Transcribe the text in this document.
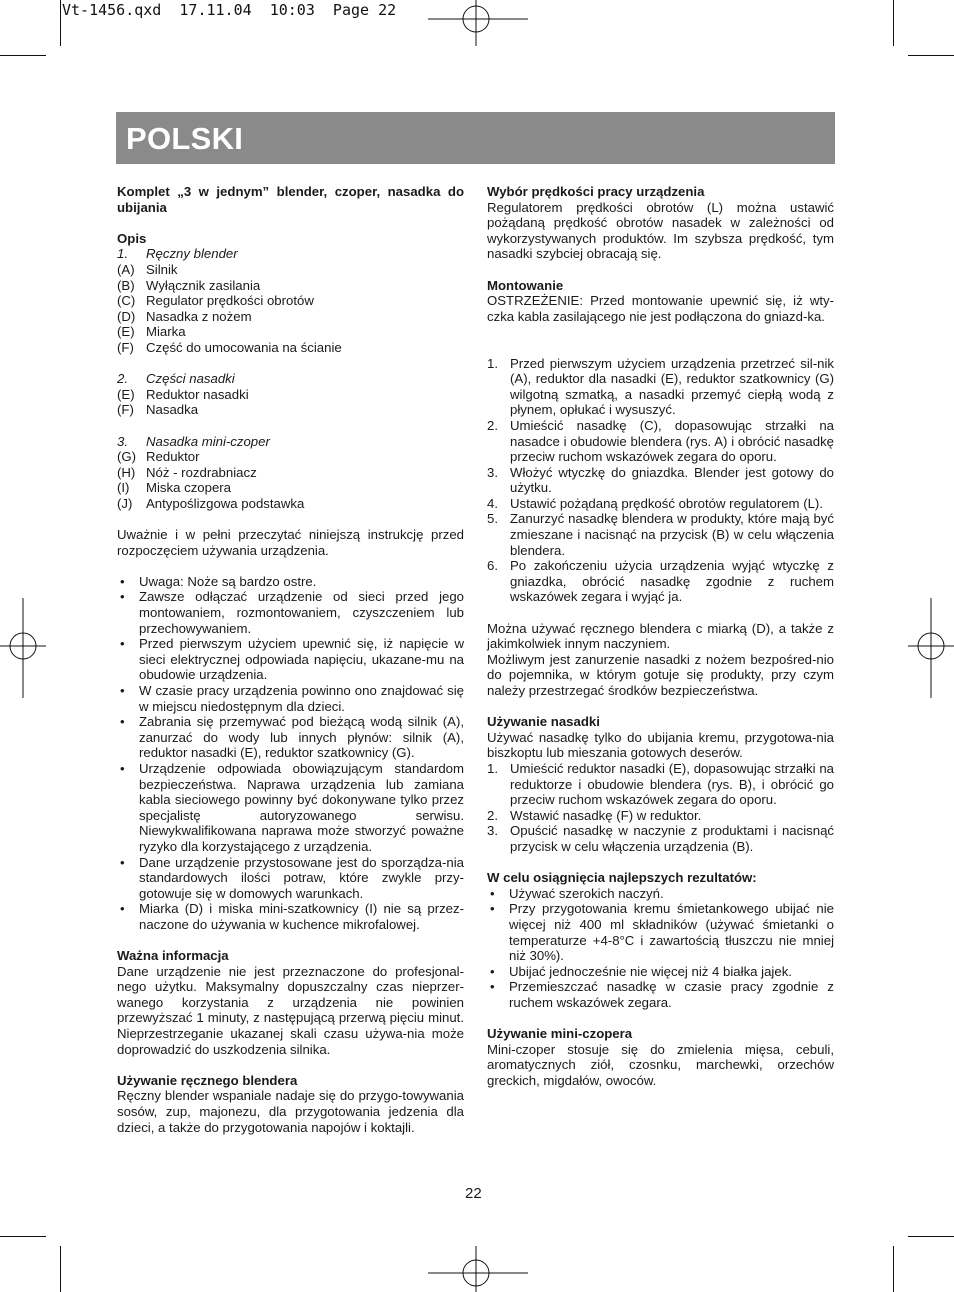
Vt-1456.qxd  17.11.04  10:03  Page 22
POLSKI

Komplet „3 w jednym” blender, czoper, nasadka do ubijania

Opis

1.	Ręczny blender
(A) Silnik
(B) Wyłącznik zasilania
(C) Regulator prędkości obrotów
(D) Nasadka z nożem
(E) Miarka
(F) Część do umocowania na ścianie
2.	Części nasadki
(E) Reduktor nasadki
(F) Nasadka
3.	Nasadka mini-czoper
(G) Reduktor
(H) Nóż - rozdrabniacz
(I)	Miska czopera
(J)	Antypoślizgowa podstawka

Uważnie i w pełni przeczytać niniejszą instrukcję przed rozpoczęciem używania urządzenia.

•	Uwaga: Noże są bardzo ostre.
•	Zawsze odłączać urządzenie od sieci przed jego montowaniem, rozmontowaniem, czyszczeniem lub przechowywaniem.
•	Przed pierwszym użyciem upewnić się, iż napięcie w sieci elektrycznej odpowiada napięciu, ukazane-mu na obudowie urządzenia.
•	W czasie pracy urządzenia powinno ono znajdować się w miejscu niedostępnym dla dzieci.
•	Zabrania się przemywać pod bieżącą wodą silnik (A), zanurzać do wody lub innych płynów: silnik (A), reduktor nasadki (E), reduktor szatkownicy (G).
•	Urządzenie odpowiada obowiązującym standardom bezpieczeństwa. Naprawa urządzenia lub zamiana kabla sieciowego powinny być dokonywane tylko przez specjalistę autoryzowanego serwisu. Niewykwalifikowana naprawa może stworzyć poważne ryzyko dla korzystającego z urządzenia.
•	Dane urządzenie przystosowane jest do sporządza-nia standardowych ilości potraw, które zwykle przy-gotowuje się w domowych warunkach.
•	Miarka (D) i miska mini-szatkownicy (I) nie są przez-naczone do używania w kuchence mikrofalowej.

Ważna informacja

Dane urządzenie nie jest przeznaczone do profesjonal-nego użytku. Maksymalny dopuszczalny czas nieprzer-wanego korzystania z urządzenia nie powinien przewyższać 1 minuty, z następującą przerwą pięciu minut. Nieprzestrzeganie ukazanej skali czasu używa-nia może doprowadzić do uszkodzenia silnika.

Używanie ręcznego blendera

Ręczny blender wspaniale nadaje się do przygo-towywania sosów, zup, majonezu, dla przygotowania jedzenia dla dzieci, a także do przygotowania napojów i koktajli.

Wybór prędkości pracy urządzenia

Regulatorem prędkości obrotów (L) można ustawić pożądaną prędkość obrotów nasadek w zależności od wykorzystywanych produktów. Im szybsza prędkość, tym nasadki szybciej obracają się.

Montowanie

OSTRZEŻENIE: Przed montowanie upewnić się, iż wty-czka kabla zasilającego nie jest podłączona do gniazd-ka.

1. Przed pierwszym użyciem urządzenia przetrzeć sil-nik (A), reduktor dla nasadki (E), reduktor szatkownicy (G) wilgotną szmatką, a nasadki przemyć ciepłą wodą z płynem, opłukać i wysuszyć.
2. Umieścić nasadkę (C), dopasowując strzałki na nasadce i obudowie blendera (rys. A) i obrócić nasadkę przeciw ruchom wskazówek zegara do oporu.
3. Włożyć wtyczkę do gniazdka. Blender jest gotowy do użytku.
4. Ustawić pożądaną prędkość obrotów regulatorem (L).
5. Zanurzyć nasadkę blendera w produkty, które mają być zmieszane i nacisnąć na przycisk (B) w celu włączenia blendera.
6. Po zakończeniu użycia urządzenia wyjąć wtyczkę z gniazdka, obrócić nasadkę zgodnie z ruchem wskazówek zegara i wyjąć ja.

Można używać ręcznego blendera c miarką (D), a także z jakimkolwiek innym naczyniem.

Możliwym jest zanurzenie nasadki z nożem bezpośred-nio do pojemnika, w którym gotuje się produkty, przy czym należy przestrzegać środków bezpieczeństwa.

Używanie nasadki

Używać nasadkę tylko do ubijania kremu, przygotowa-nia biszkoptu lub mieszania gotowych deserów.

1. Umieścić reduktor nasadki (E), dopasowując strzałki na reduktorze i obudowie blendera (rys. B), i obrócić go przeciw ruchom wskazówek zegara do oporu.
2. Wstawić nasadkę (F) w reduktor.
3. Opuścić nasadkę w naczynie z produktami i nacisnąć przycisk w celu włączenia urządzenia (B).

W celu osiągnięcia najlepszych rezultatów:

•	Używać szerokich naczyń.
•	Przy przygotowania kremu śmietankowego ubijać nie więcej niż 400 ml składników (używać śmietanki o temperaturze +4-8°C i zawartością tłuszczu nie mniej niż 30%).
•	Ubijać jednocześnie nie więcej niż 4 białka jajek.
•	Przemieszczać nasadkę w czasie pracy zgodnie z ruchem wskazówek zegara.

Używanie mini-czopera

Mini-czoper stosuje się do zmielenia mięsa, cebuli, aromatycznych ziół, czosnku, marchewki, orzechów greckich, migdałów, owoców.

22
